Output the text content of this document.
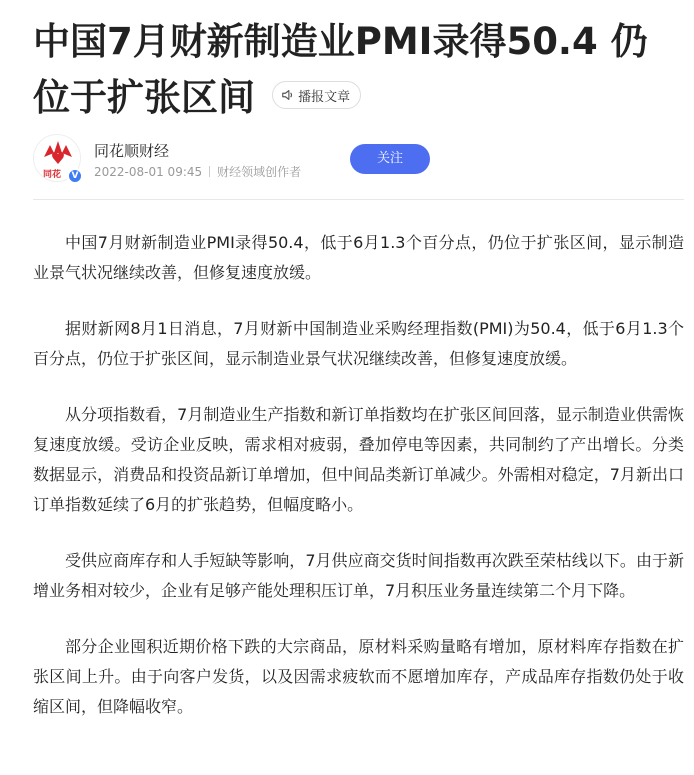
中国7月财新制造业PMI录得50.4 仍位于扩张区间	播报文章
同花	V
同花顺财经
2022-08-01 09:45 财经领域创作者
关注

中国7月财新制造业PMI录得50.4，低于6月1.3个百分点，仍位于扩张区间，显示制造业景气状况继续改善，但修复速度放缓。

据财新网8月1日消息，7月财新中国制造业采购经理指数(PMI)为50.4，低于6月1.3个百分点，仍位于扩张区间，显示制造业景气状况继续改善，但修复速度放缓。

从分项指数看，7月制造业生产指数和新订单指数均在扩张区间回落，显示制造业供需恢复速度放缓。受访企业反映，需求相对疲弱，叠加停电等因素，共同制约了产出增长。分类数据显示，消费品和投资品新订单增加，但中间品类新订单减少。外需相对稳定，7月新出口订单指数延续了6月的扩张趋势，但幅度略小。

受供应商库存和人手短缺等影响，7月供应商交货时间指数再次跌至荣枯线以下。由于新增业务相对较少，企业有足够产能处理积压订单，7月积压业务量连续第二个月下降。

部分企业囤积近期价格下跌的大宗商品，原材料采购量略有增加，原材料库存指数在扩张区间上升。由于向客户发货，以及因需求疲软而不愿增加库存，产成品库存指数仍处于收缩区间，但降幅收窄。
